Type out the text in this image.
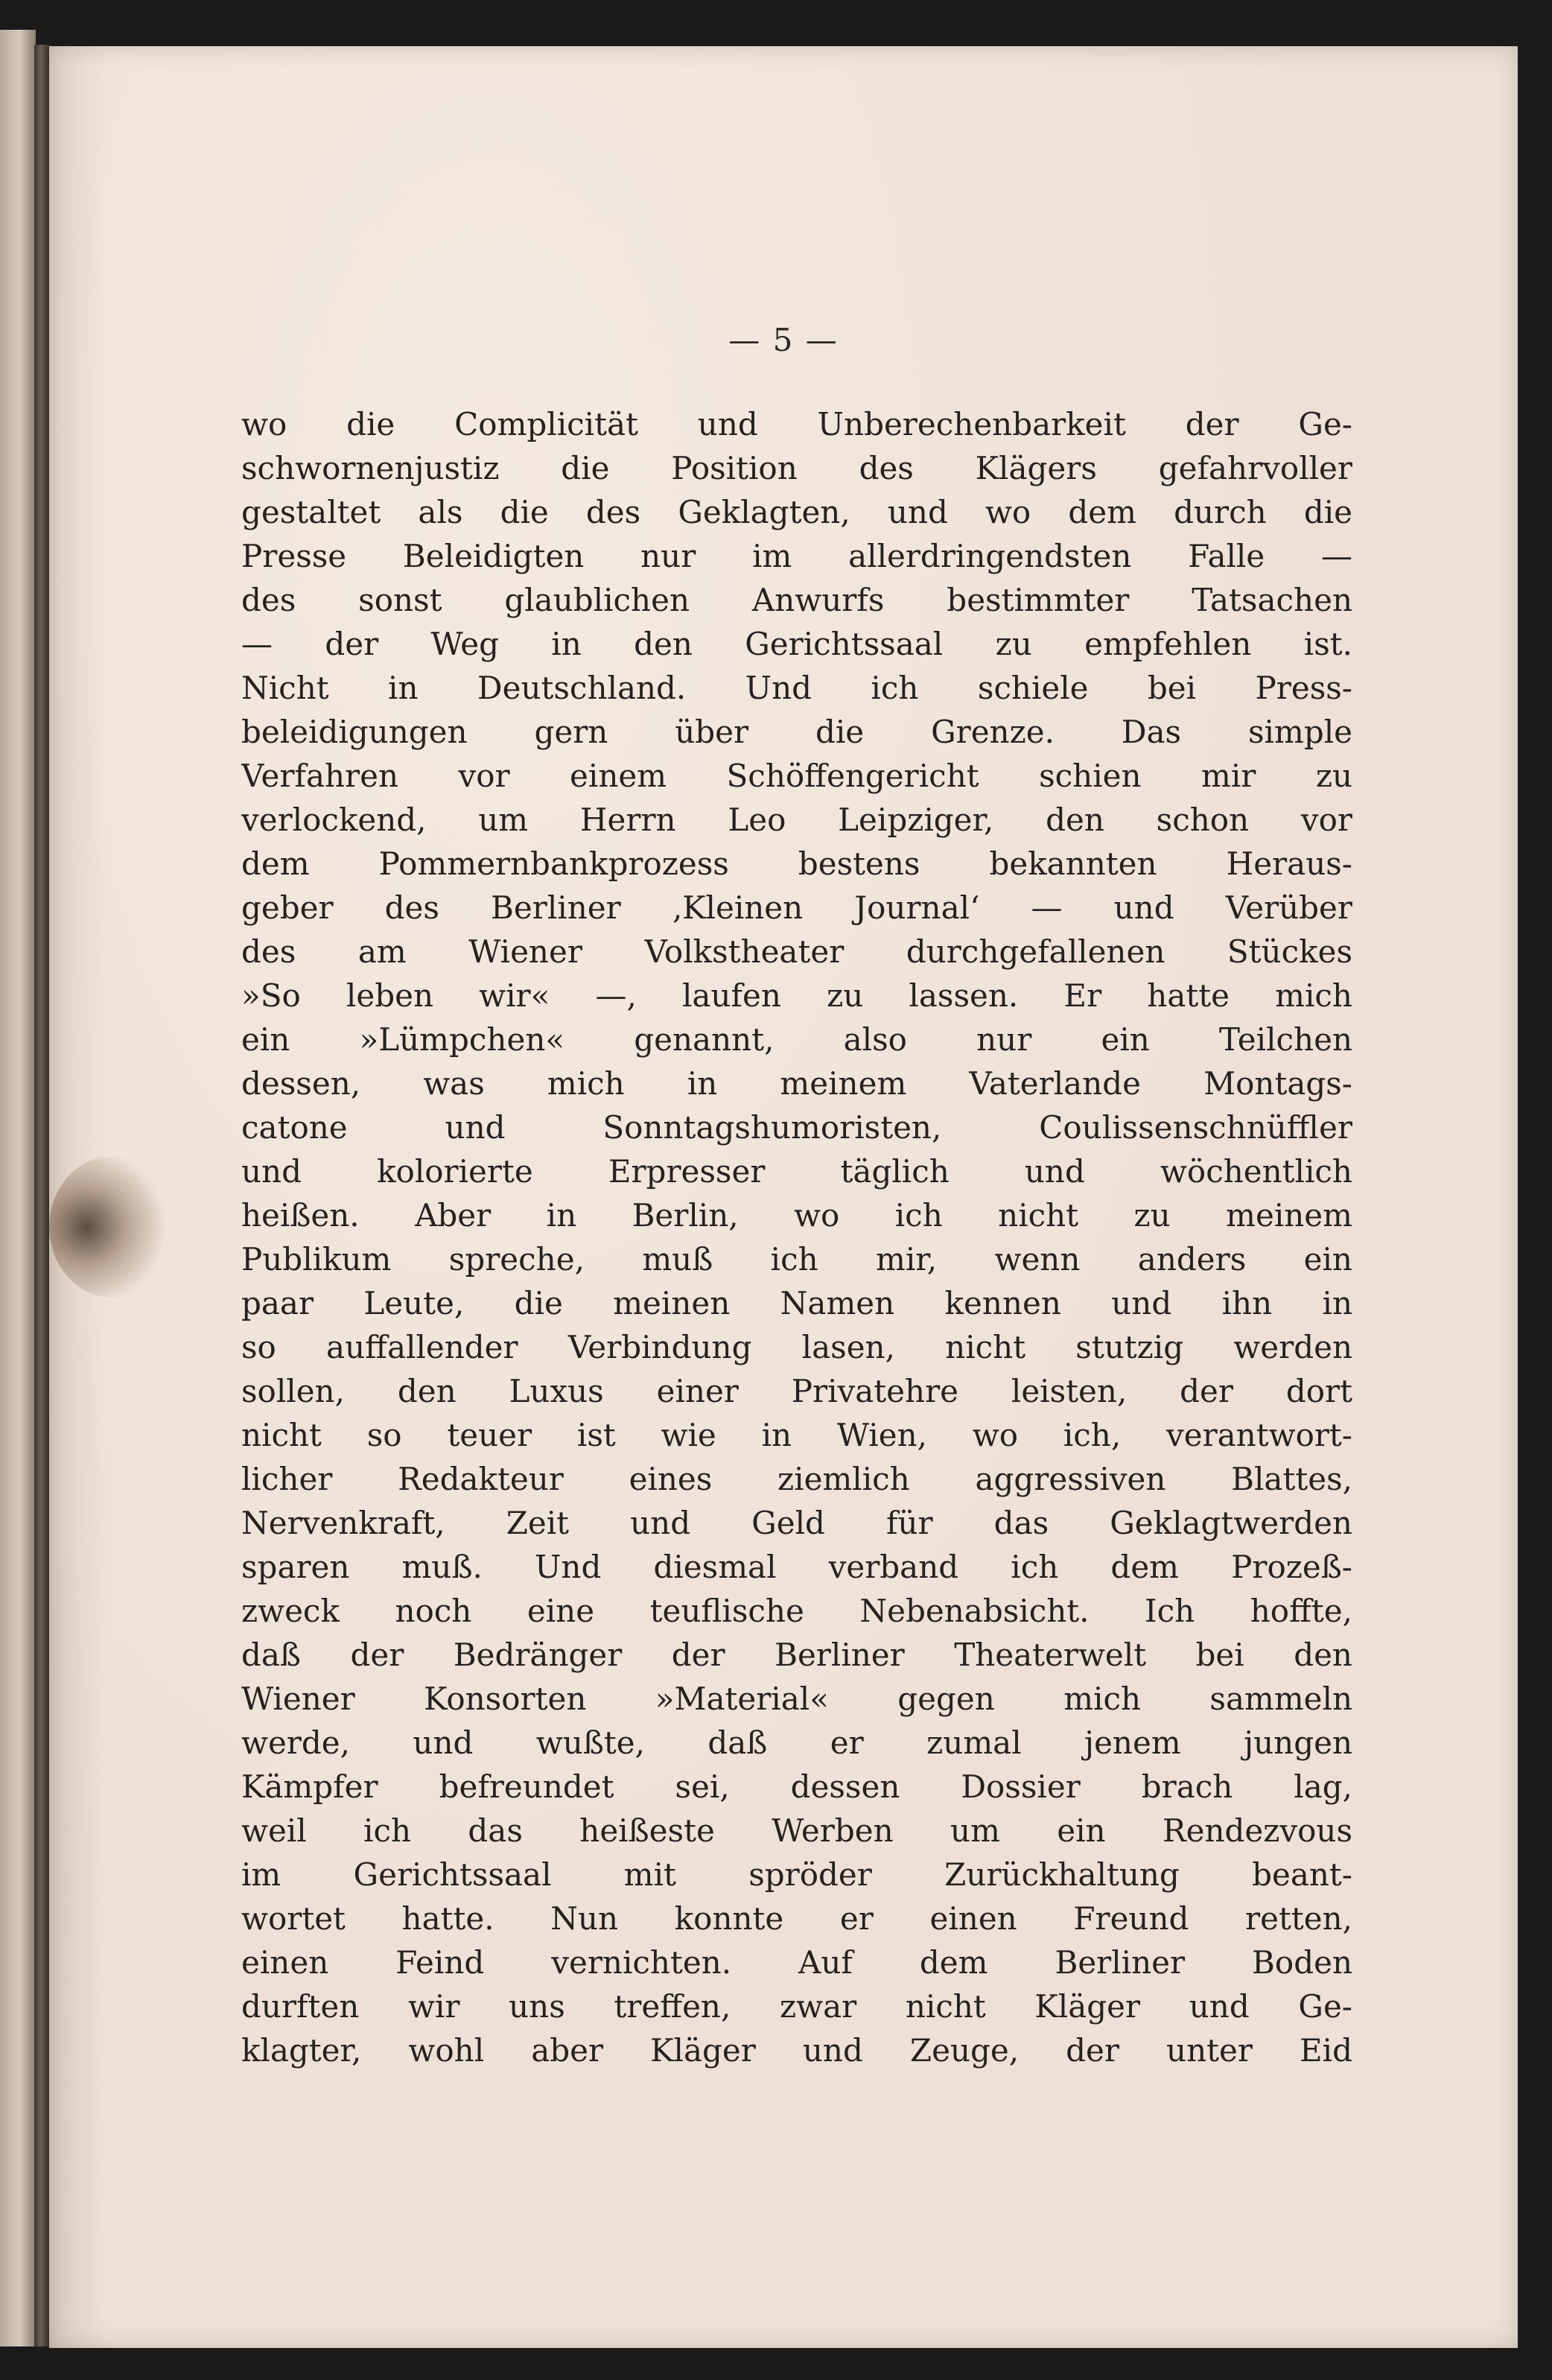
— 5 —
wo die Complicität und Unberechenbarkeit der Ge-
schwornenjustiz die Position des Klägers gefahrvoller
gestaltet als die des Geklagten, und wo dem durch die
Presse Beleidigten nur im allerdringendsten Falle —
des sonst glaublichen Anwurfs bestimmter Tatsachen
— der Weg in den Gerichtssaal zu empfehlen ist.
Nicht in Deutschland. Und ich schiele bei Press-
beleidigungen gern über die Grenze. Das simple
Verfahren vor einem Schöffengericht schien mir zu
verlockend, um Herrn Leo Leipziger, den schon vor
dem Pommernbankprozess bestens bekannten Heraus-
geber des Berliner ‚Kleinen Journal‘ — und Verüber
des am Wiener Volkstheater durchgefallenen Stückes
»So leben wir« —, laufen zu lassen. Er hatte mich
ein »Lümpchen« genannt, also nur ein Teilchen
dessen, was mich in meinem Vaterlande Montags-
catone und Sonntagshumoristen, Coulissenschnüffler
und kolorierte Erpresser täglich und wöchentlich
heißen. Aber in Berlin, wo ich nicht zu meinem
Publikum spreche, muß ich mir, wenn anders ein
paar Leute, die meinen Namen kennen und ihn in
so auffallender Verbindung lasen, nicht stutzig werden
sollen, den Luxus einer Privatehre leisten, der dort
nicht so teuer ist wie in Wien, wo ich, verantwort-
licher Redakteur eines ziemlich aggressiven Blattes,
Nervenkraft, Zeit und Geld für das Geklagtwerden
sparen muß. Und diesmal verband ich dem Prozeß-
zweck noch eine teuflische Nebenabsicht. Ich hoffte,
daß der Bedränger der Berliner Theaterwelt bei den
Wiener Konsorten »Material« gegen mich sammeln
werde, und wußte, daß er zumal jenem jungen
Kämpfer befreundet sei, dessen Dossier brach lag,
weil ich das heißeste Werben um ein Rendezvous
im Gerichtssaal mit spröder Zurückhaltung beant-
wortet hatte. Nun konnte er einen Freund retten,
einen Feind vernichten. Auf dem Berliner Boden
durften wir uns treffen, zwar nicht Kläger und Ge-
klagter, wohl aber Kläger und Zeuge, der unter Eid
